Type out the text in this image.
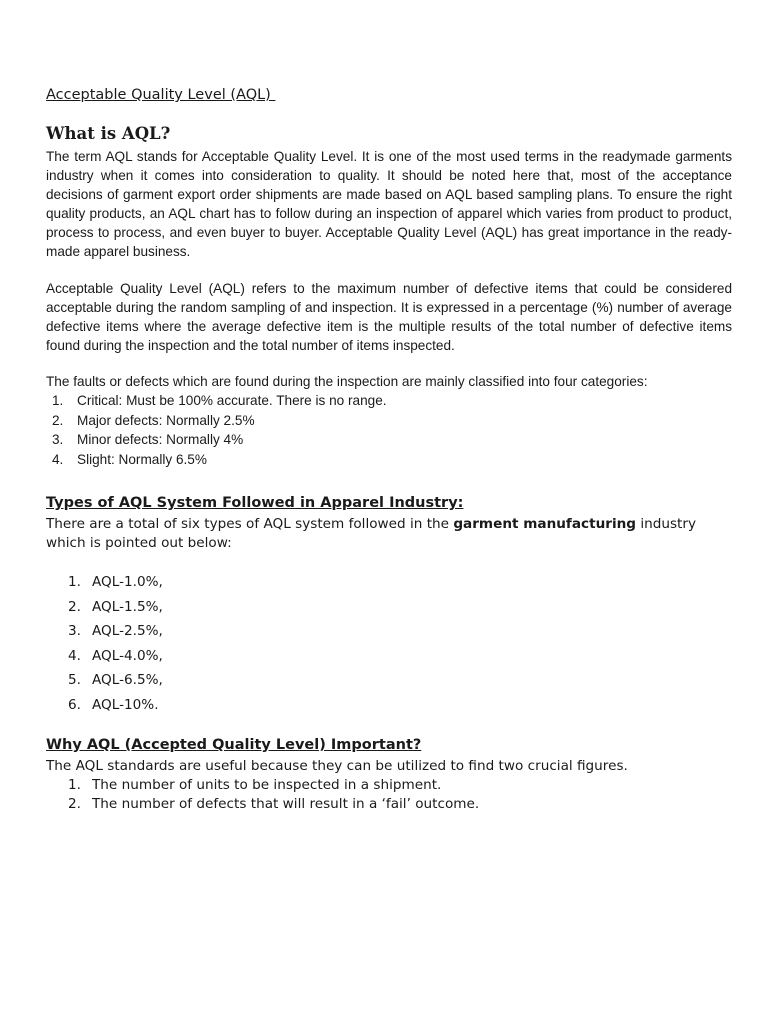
Acceptable Quality Level (AQL)
What is AQL?

The term AQL stands for Acceptable Quality Level. It is one of the most used terms in the readymade garments industry when it comes into consideration to quality. It should be noted here that, most of the acceptance decisions of garment export order shipments are made based on AQL based sampling plans. To ensure the right quality products, an AQL chart has to follow during an inspection of apparel which varies from product to product, process to process, and even buyer to buyer. Acceptable Quality Level (AQL) has great importance in the ready-made apparel business.

Acceptable Quality Level (AQL) refers to the maximum number of defective items that could be considered acceptable during the random sampling of and inspection. It is expressed in a percentage (%) number of average defective items where the average defective item is the multiple results of the total number of defective items found during the inspection and the total number of items inspected.

The faults or defects which are found during the inspection are mainly classified into four categories:

1. Critical: Must be 100% accurate. There is no range.
2. Major defects: Normally 2.5%
3. Minor defects: Normally 4%
4. Slight: Normally 6.5%
Types of AQL System Followed in Apparel Industry:

There are a total of six types of AQL system followed in the garment manufacturing industry which is pointed out below:

1. AQL-1.0%,
2. AQL-1.5%,
3. AQL-2.5%,
4. AQL-4.0%,
5. AQL-6.5%,
6. AQL-10%.
Why AQL (Accepted Quality Level) Important?

The AQL standards are useful because they can be utilized to find two crucial figures.

1. The number of units to be inspected in a shipment.
2. The number of defects that will result in a ‘fail’ outcome.
